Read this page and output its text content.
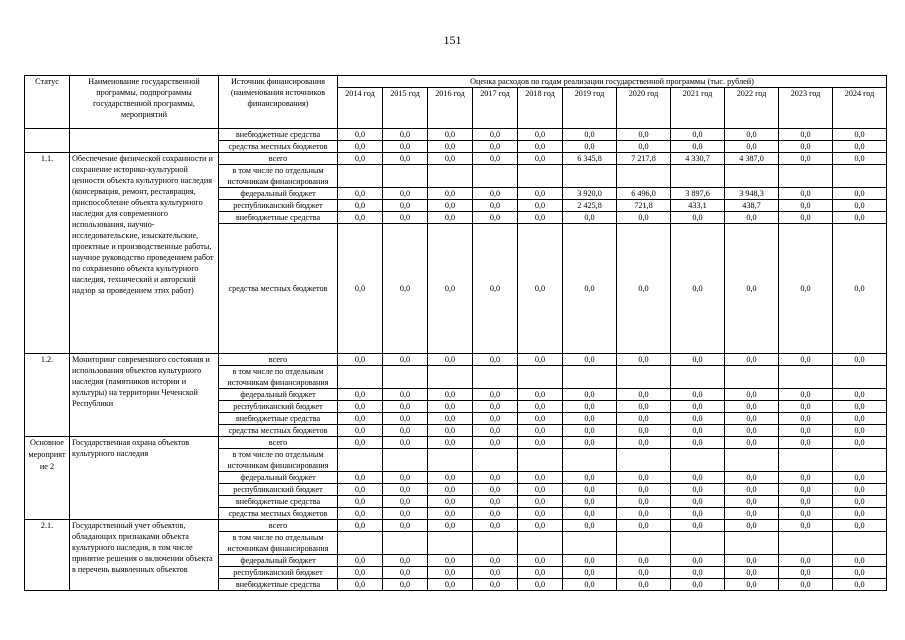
151
Статус	Наименование государственной программы, подпрограммы государственной программы, мероприятий	Источник финансирования (наименования источников финансирования)	Оценка расходов по годам реализации государственной программы (тыс. рублей)										
			2014 год	2015 год	2016 год	2017 год	2018 год	2019 год	2020 год	2021 год	2022 год	2023 год	2024 год
		внебюджетные средства	0,0	0,0	0,0	0,0	0,0	0,0	0,0	0,0	0,0	0,0	0,0
		средства местных бюджетов	0,0	0,0	0,0	0,0	0,0	0,0	0,0	0,0	0,0	0,0	0,0
1.1.	Обеспечение физической сохранности и сохранение историко-культурной ценности объекта культурного наследия (консервация, ремонт, реставрация, приспособление объекта культурного наследия для современного использования, научно-исследовательские, изыскательские, проектные и производственные работы, научное руководство проведением работ по сохранению объекта культурного наследия, технический и авторский надзор за проведением этих работ)	всего	0,0	0,0	0,0	0,0	0,0	6 345,8	7 217,8	4 330,7	4 387,0	0,0	0,0
		в том числе по отдельным источникам финансирования											
		федеральный бюджет	0,0	0,0	0,0	0,0	0,0	3 920,0	6 496,0	3 897,6	3 948,3	0,0	0,0
		республиканский бюджет	0,0	0,0	0,0	0,0	0,0	2 425,8	721,8	433,1	438,7	0,0	0,0
		внебюджетные средства	0,0	0,0	0,0	0,0	0,0	0,0	0,0	0,0	0,0	0,0	0,0
		средства местных бюджетов	0,0	0,0	0,0	0,0	0,0	0,0	0,0	0,0	0,0	0,0	0,0
1.2.	Мониторинг современного состояния и использования объектов культурного наследия (памятников истории и культуры) на территории Чеченской Республики	всего	0,0	0,0	0,0	0,0	0,0	0,0	0,0	0,0	0,0	0,0	0,0
		в том числе по отдельным источникам финансирования											
		федеральный бюджет	0,0	0,0	0,0	0,0	0,0	0,0	0,0	0,0	0,0	0,0	0,0
		республиканский бюджет	0,0	0,0	0,0	0,0	0,0	0,0	0,0	0,0	0,0	0,0	0,0
		внебюджетные средства	0,0	0,0	0,0	0,0	0,0	0,0	0,0	0,0	0,0	0,0	0,0
		средства местных бюджетов	0,0	0,0	0,0	0,0	0,0	0,0	0,0	0,0	0,0	0,0	0,0
Основное мероприятие 2	Государственная охрана объектов культурного наследия	всего	0,0	0,0	0,0	0,0	0,0	0,0	0,0	0,0	0,0	0,0	0,0
		в том числе по отдельным источникам финансирования											
		федеральный бюджет	0,0	0,0	0,0	0,0	0,0	0,0	0,0	0,0	0,0	0,0	0,0
		республиканский бюджет	0,0	0,0	0,0	0,0	0,0	0,0	0,0	0,0	0,0	0,0	0,0
		внебюджетные средства	0,0	0,0	0,0	0,0	0,0	0,0	0,0	0,0	0,0	0,0	0,0
		средства местных бюджетов	0,0	0,0	0,0	0,0	0,0	0,0	0,0	0,0	0,0	0,0	0,0
2.1.	Государственный учет объектов, обладающих признаками объекта культурного наследия, в том числе принятие решения о включении объекта в перечень выявленных объектов	всего	0,0	0,0	0,0	0,0	0,0	0,0	0,0	0,0	0,0	0,0	0,0
		в том числе по отдельным источникам финансирования											
		федеральный бюджет	0,0	0,0	0,0	0,0	0,0	0,0	0,0	0,0	0,0	0,0	0,0
		республиканский бюджет	0,0	0,0	0,0	0,0	0,0	0,0	0,0	0,0	0,0	0,0	0,0
		внебюджетные средства	0,0	0,0	0,0	0,0	0,0	0,0	0,0	0,0	0,0	0,0	0,0
